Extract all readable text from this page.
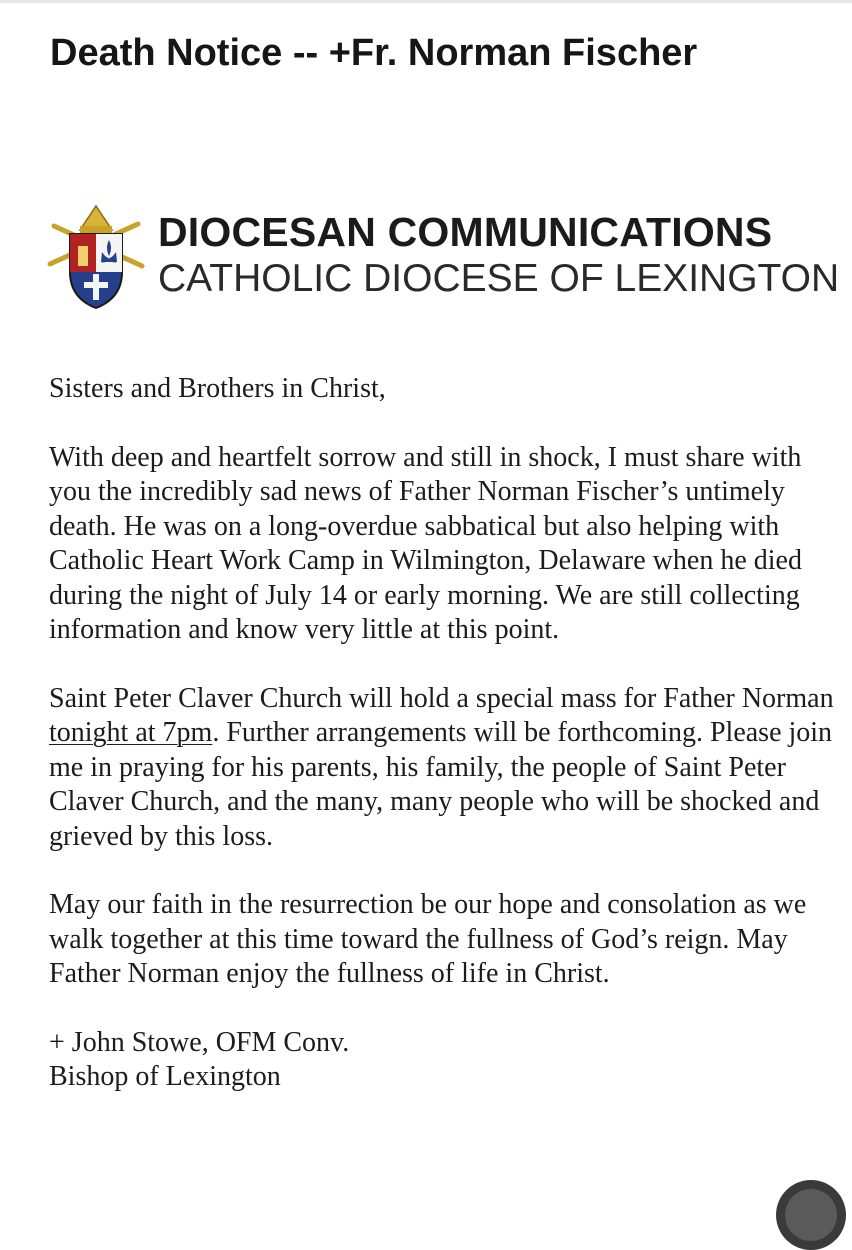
Death Notice -- +Fr. Norman Fischer

DIOCESAN COMMUNICATIONS

CATHOLIC DIOCESE OF LEXINGTON

Sisters and Brothers in Christ,

With deep and heartfelt sorrow and still in shock, I must share with you the incredibly sad news of Father Norman Fischer’s untimely death. He was on a long-overdue sabbatical but also helping with Catholic Heart Work Camp in Wilmington, Delaware when he died during the night of July 14 or early morning. We are still collecting information and know very little at this point.

Saint Peter Claver Church will hold a special mass for Father Norman tonight at 7pm. Further arrangements will be forthcoming. Please join me in praying for his parents, his family, the people of Saint Peter Claver Church, and the many, many people who will be shocked and grieved by this loss.

May our faith in the resurrection be our hope and consolation as we walk together at this time toward the fullness of God’s reign. May Father Norman enjoy the fullness of life in Christ.

+ John Stowe, OFM Conv.

Bishop of Lexington
